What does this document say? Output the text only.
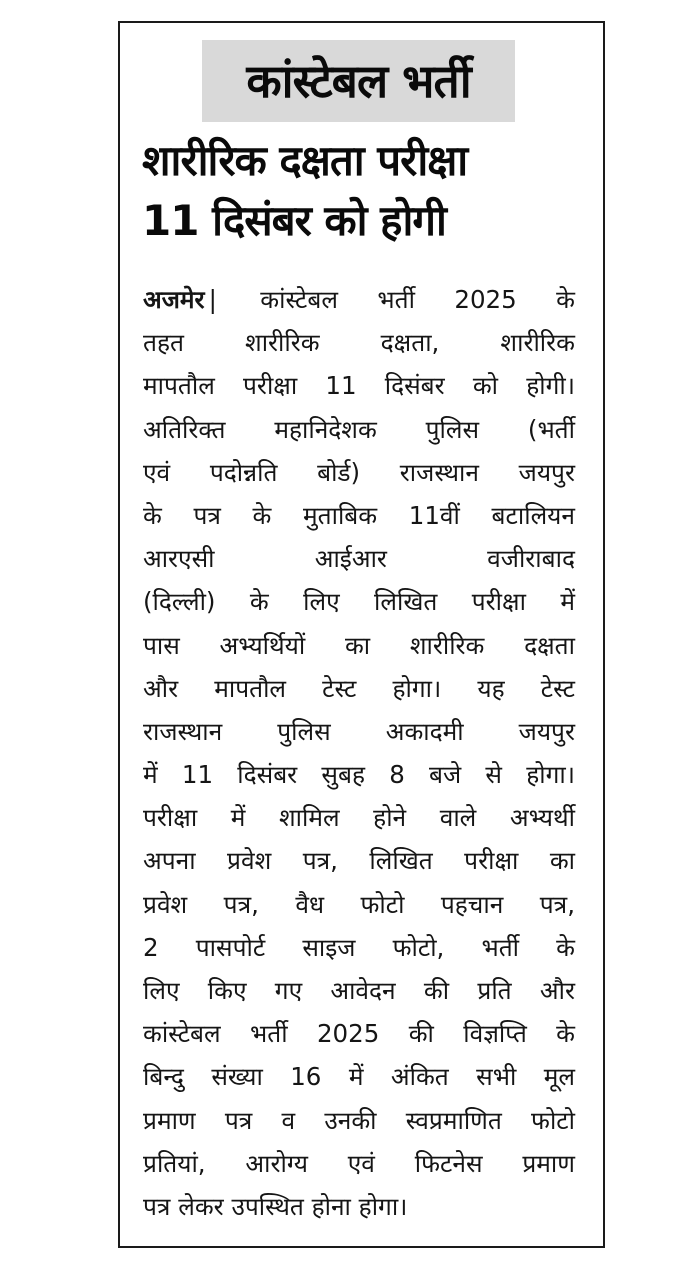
कांस्टेबल भर्ती
शारीरिक दक्षता परीक्षा
11 दिसंबर को होगी
अजमेर | कांस्टेबल भर्ती 2025 के
तहत शारीरिक दक्षता, शारीरिक
मापतौल परीक्षा 11 दिसंबर को होगी।
अतिरिक्त महानिदेशक पुलिस (भर्ती
एवं पदोन्नति बोर्ड) राजस्थान जयपुर
के पत्र के मुताबिक 11वीं बटालियन
आरएसी आईआर वजीराबाद
(दिल्ली) के लिए लिखित परीक्षा में
पास अभ्यर्थियों का शारीरिक दक्षता
और मापतौल टेस्ट होगा। यह टेस्ट
राजस्थान पुलिस अकादमी जयपुर
में 11 दिसंबर सुबह 8 बजे से होगा।
परीक्षा में शामिल होने वाले अभ्यर्थी
अपना प्रवेश पत्र, लिखित परीक्षा का
प्रवेश पत्र, वैध फोटो पहचान पत्र,
2 पासपोर्ट साइज फोटो, भर्ती के
लिए किए गए आवेदन की प्रति और
कांस्टेबल भर्ती 2025 की विज्ञप्ति के
बिन्दु संख्या 16 में अंकित सभी मूल
प्रमाण पत्र व उनकी स्वप्रमाणित फोटो
प्रतियां, आरोग्य एवं फिटनेस प्रमाण
पत्र लेकर उपस्थित होना होगा।
